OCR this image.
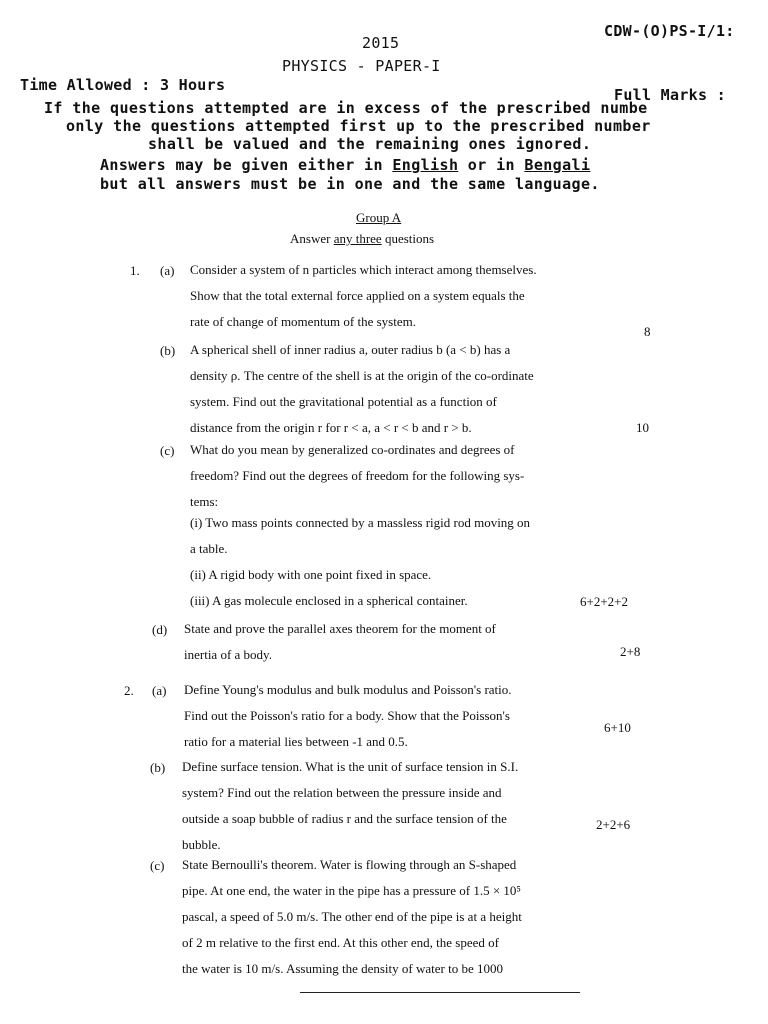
2015
CDW-(O)PS-I/1:
PHYSICS - PAPER-I
Time Allowed : 3 Hours
Full Marks :
If the questions attempted are in excess of the prescribed numbe
only the questions attempted first up to the prescribed number
shall be valued and the remaining ones ignored.
Answers may be given either in English or in Bengali
but all answers must be in one and the same language.
Group A
Answer any three questions
1. (a) Consider a system of n particles which interact among themselves.
Show that the total external force applied on a system equals the
rate of change of momentum of the system.
8
(b) A spherical shell of inner radius a, outer radius b (a < b) has a
density ρ. The centre of the shell is at the origin of the co-ordinate
system. Find out the gravitational potential as a function of
distance from the origin r for r < a, a < r < b and r > b.	10
(c) What do you mean by generalized co-ordinates and degrees of
freedom? Find out the degrees of freedom for the following sys-
tems:
(i) Two mass points connected by a massless rigid rod moving on
a table.
(ii) A rigid body with one point fixed in space.
(iii) A gas molecule enclosed in a spherical container.	6+2+2+2
(d) State and prove the parallel axes theorem for the moment of
inertia of a body.	2+8
2. (a) Define Young's modulus and bulk modulus and Poisson's ratio.
Find out the Poisson's ratio for a body. Show that the Poisson's
ratio for a material lies between -1 and 0.5.
6+10
(b) Define surface tension. What is the unit of surface tension in S.I.
system? Find out the relation between the pressure inside and
outside a soap bubble of radius r and the surface tension of the
bubble.
2+2+6
(c) State Bernoulli's theorem. Water is flowing through an S-shaped
pipe. At one end, the water in the pipe has a pressure of 1.5 × 10⁵
pascal, a speed of 5.0 m/s. The other end of the pipe is at a height
of 2 m relative to the first end. At this other end, the speed of
the water is 10 m/s. Assuming the density of water to be 1000
